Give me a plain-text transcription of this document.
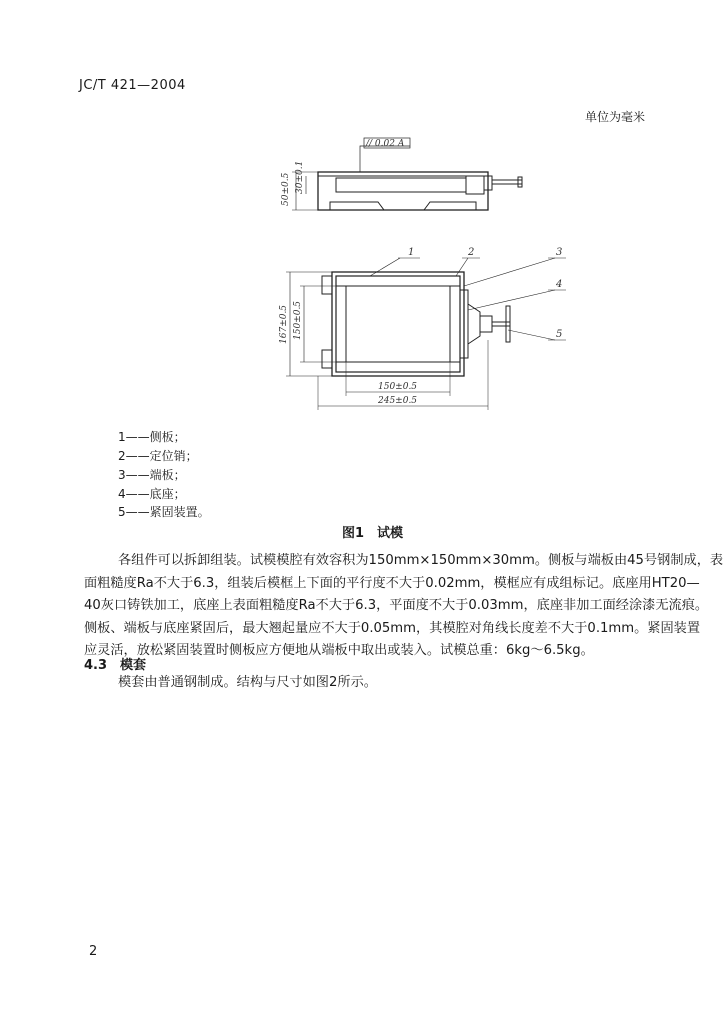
JC/T 421—2004
单位为毫米
50±0.5 30±0.1
// 0.02 A
167±0.5 150±0.5
150±0.5
245±0.5
1	2	3
4
5
1——侧板；
2——定位销；
3——端板；
4——底座；
5——紧固装置。
图1　试模
各组件可以拆卸组装。试模模腔有效容积为150mm×150mm×30mm。侧板与端板由45号钢制成，表
面粗糙度Ra不大于6.3，组装后模框上下面的平行度不大于0.02mm，模框应有成组标记。底座用HT20—
40灰口铸铁加工，底座上表面粗糙度Ra不大于6.3，平面度不大于0.03mm，底座非加工面经涂漆无流痕。
侧板、端板与底座紧固后，最大翘起量应不大于0.05mm，其模腔对角线长度差不大于0.1mm。紧固装置
应灵活，放松紧固装置时侧板应方便地从端板中取出或装入。试模总重：6kg～6.5kg。
4.3　模套
模套由普通钢制成。结构与尺寸如图2所示。
2
